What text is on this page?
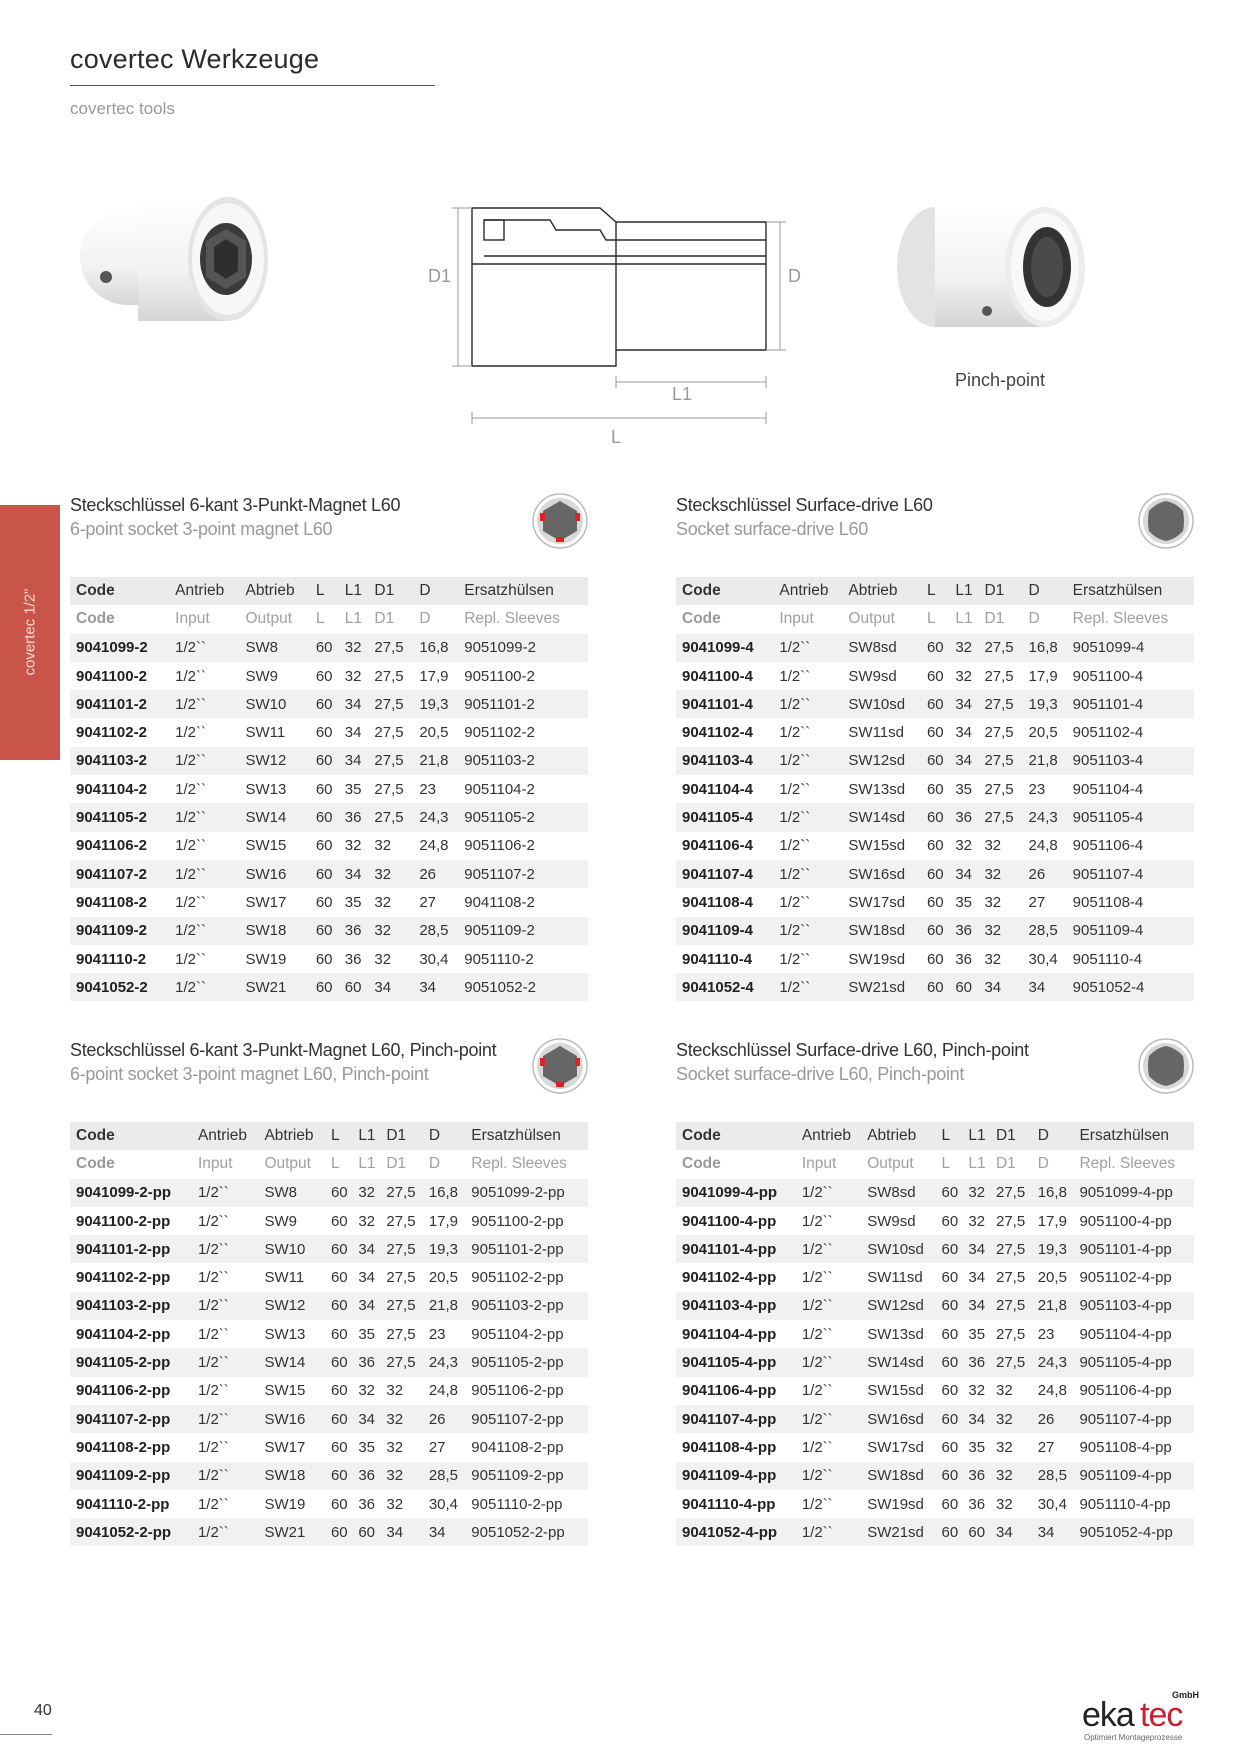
covertec Werkzeuge
covertec tools
covertec 1/2"
D1	D
L1
L
Pinch-point
Steckschlüssel 6-kant 3-Punkt-Magnet L60
6-point socket 3-point magnet L60
Code	Antrieb	Abtrieb	L	L1	D1	D	Ersatzhülsen
Code	Input	Output	L	L1	D1	D	Repl. Sleeves
9041099-2	1/2``	SW8	60	32	27,5	16,8	9051099-2
9041100-2	1/2``	SW9	60	32	27,5	17,9	9051100-2
9041101-2	1/2``	SW10	60	34	27,5	19,3	9051101-2
9041102-2	1/2``	SW11	60	34	27,5	20,5	9051102-2
9041103-2	1/2``	SW12	60	34	27,5	21,8	9051103-2
9041104-2	1/2``	SW13	60	35	27,5	23	9051104-2
9041105-2	1/2``	SW14	60	36	27,5	24,3	9051105-2
9041106-2	1/2``	SW15	60	32	32	24,8	9051106-2
9041107-2	1/2``	SW16	60	34	32	26	9051107-2
9041108-2	1/2``	SW17	60	35	32	27	9041108-2
9041109-2	1/2``	SW18	60	36	32	28,5	9051109-2
9041110-2	1/2``	SW19	60	36	32	30,4	9051110-2
9041052-2	1/2``	SW21	60	60	34	34	9051052-2
Steckschlüssel Surface-drive L60
Socket surface-drive L60
Code	Antrieb	Abtrieb	L	L1	D1	D	Ersatzhülsen
Code	Input	Output	L	L1	D1	D	Repl. Sleeves
9041099-4	1/2``	SW8sd	60	32	27,5	16,8	9051099-4
9041100-4	1/2``	SW9sd	60	32	27,5	17,9	9051100-4
9041101-4	1/2``	SW10sd	60	34	27,5	19,3	9051101-4
9041102-4	1/2``	SW11sd	60	34	27,5	20,5	9051102-4
9041103-4	1/2``	SW12sd	60	34	27,5	21,8	9051103-4
9041104-4	1/2``	SW13sd	60	35	27,5	23	9051104-4
9041105-4	1/2``	SW14sd	60	36	27,5	24,3	9051105-4
9041106-4	1/2``	SW15sd	60	32	32	24,8	9051106-4
9041107-4	1/2``	SW16sd	60	34	32	26	9051107-4
9041108-4	1/2``	SW17sd	60	35	32	27	9051108-4
9041109-4	1/2``	SW18sd	60	36	32	28,5	9051109-4
9041110-4	1/2``	SW19sd	60	36	32	30,4	9051110-4
9041052-4	1/2``	SW21sd	60	60	34	34	9051052-4
Steckschlüssel 6-kant 3-Punkt-Magnet L60, Pinch-point
6-point socket 3-point magnet L60, Pinch-point
Code	Antrieb	Abtrieb	L	L1	D1	D	Ersatzhülsen
Code	Input	Output	L	L1	D1	D	Repl. Sleeves
9041099-2-pp	1/2``	SW8	60	32	27,5	16,8	9051099-2-pp
9041100-2-pp	1/2``	SW9	60	32	27,5	17,9	9051100-2-pp
9041101-2-pp	1/2``	SW10	60	34	27,5	19,3	9051101-2-pp
9041102-2-pp	1/2``	SW11	60	34	27,5	20,5	9051102-2-pp
9041103-2-pp	1/2``	SW12	60	34	27,5	21,8	9051103-2-pp
9041104-2-pp	1/2``	SW13	60	35	27,5	23	9051104-2-pp
9041105-2-pp	1/2``	SW14	60	36	27,5	24,3	9051105-2-pp
9041106-2-pp	1/2``	SW15	60	32	32	24,8	9051106-2-pp
9041107-2-pp	1/2``	SW16	60	34	32	26	9051107-2-pp
9041108-2-pp	1/2``	SW17	60	35	32	27	9041108-2-pp
9041109-2-pp	1/2``	SW18	60	36	32	28,5	9051109-2-pp
9041110-2-pp	1/2``	SW19	60	36	32	30,4	9051110-2-pp
9041052-2-pp	1/2``	SW21	60	60	34	34	9051052-2-pp
Steckschlüssel Surface-drive L60, Pinch-point
Socket surface-drive L60, Pinch-point
Code	Antrieb	Abtrieb	L	L1	D1	D	Ersatzhülsen
Code	Input	Output	L	L1	D1	D	Repl. Sleeves
9041099-4-pp	1/2``	SW8sd	60	32	27,5	16,8	9051099-4-pp
9041100-4-pp	1/2``	SW9sd	60	32	27,5	17,9	9051100-4-pp
9041101-4-pp	1/2``	SW10sd	60	34	27,5	19,3	9051101-4-pp
9041102-4-pp	1/2``	SW11sd	60	34	27,5	20,5	9051102-4-pp
9041103-4-pp	1/2``	SW12sd	60	34	27,5	21,8	9051103-4-pp
9041104-4-pp	1/2``	SW13sd	60	35	27,5	23	9051104-4-pp
9041105-4-pp	1/2``	SW14sd	60	36	27,5	24,3	9051105-4-pp
9041106-4-pp	1/2``	SW15sd	60	32	32	24,8	9051106-4-pp
9041107-4-pp	1/2``	SW16sd	60	34	32	26	9051107-4-pp
9041108-4-pp	1/2``	SW17sd	60	35	32	27	9051108-4-pp
9041109-4-pp	1/2``	SW18sd	60	36	32	28,5	9051109-4-pp
9041110-4-pp	1/2``	SW19sd	60	36	32	30,4	9051110-4-pp
9041052-4-pp	1/2``	SW21sd	60	60	34	34	9051052-4-pp
40
GmbH
eka tec
Optimiert Montageprozesse
